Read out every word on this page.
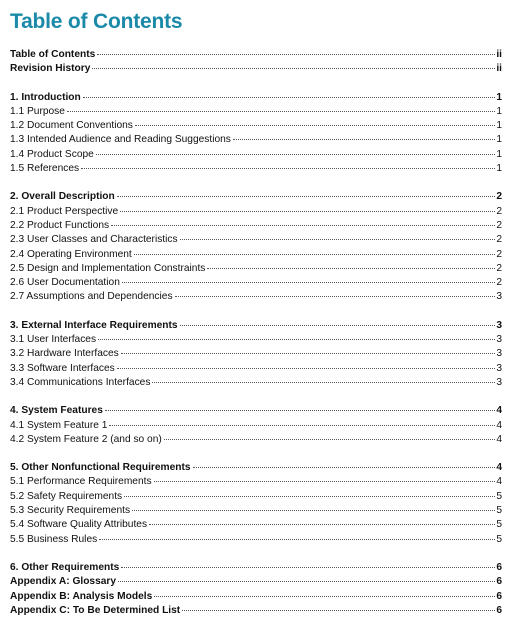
Table of Contents
Table of Contents	ii
Revision History	ii
1. Introduction	1
1.1 Purpose	1
1.2 Document Conventions	1
1.3 Intended Audience and Reading Suggestions	1
1.4 Product Scope	1
1.5 References	1
2. Overall Description	2
2.1 Product Perspective	2
2.2 Product Functions	2
2.3 User Classes and Characteristics	2
2.4 Operating Environment	2
2.5 Design and Implementation Constraints	2
2.6 User Documentation	2
2.7 Assumptions and Dependencies	3
3. External Interface Requirements	3
3.1 User Interfaces	3
3.2 Hardware Interfaces	3
3.3 Software Interfaces	3
3.4 Communications Interfaces	3
4. System Features	4
4.1 System Feature 1	4
4.2 System Feature 2 (and so on)	4
5. Other Nonfunctional Requirements	4
5.1 Performance Requirements	4
5.2 Safety Requirements	5
5.3 Security Requirements	5
5.4 Software Quality Attributes	5
5.5 Business Rules	5
6. Other Requirements	6
Appendix A: Glossary	6
Appendix B: Analysis Models	6
Appendix C: To Be Determined List	6
